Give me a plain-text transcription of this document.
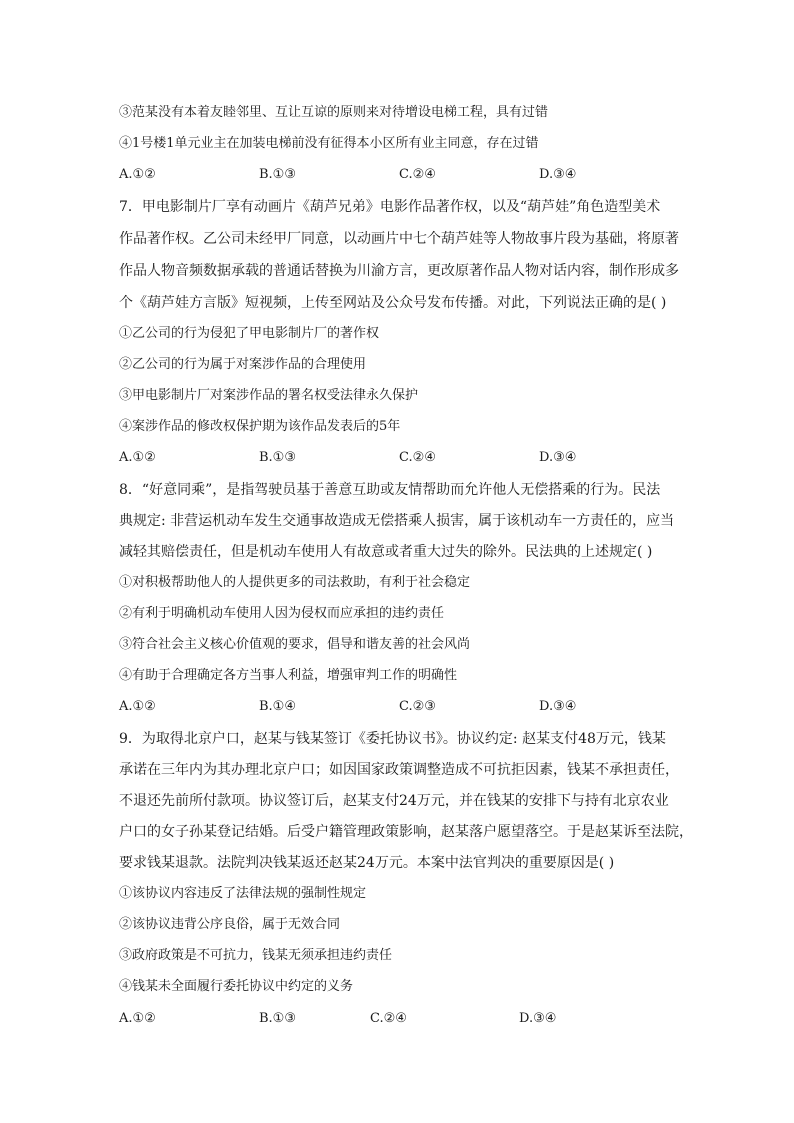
③范某没有本着友睦邻里、互让互谅的原则来对待增设电梯工程，具有过错
④1号楼1单元业主在加装电梯前没有征得本小区所有业主同意，存在过错
A.①②	B.①③	C.②④	D.③④
7．甲电影制片厂享有动画片《葫芦兄弟》电影作品著作权，以及“葫芦娃”角色造型美术
作品著作权。乙公司未经甲厂同意，以动画片中七个葫芦娃等人物故事片段为基础，将原著
作品人物音频数据承载的普通话替换为川渝方言，更改原著作品人物对话内容，制作形成多
个《葫芦娃方言版》短视频，上传至网站及公众号发布传播。对此，下列说法正确的是( )
①乙公司的行为侵犯了甲电影制片厂的著作权
②乙公司的行为属于对案涉作品的合理使用
③甲电影制片厂对案涉作品的署名权受法律永久保护
④案涉作品的修改权保护期为该作品发表后的5年
A.①②	B.①③	C.②④	D.③④
8．“好意同乘”，是指驾驶员基于善意互助或友情帮助而允许他人无偿搭乘的行为。民法
典规定: 非营运机动车发生交通事故造成无偿搭乘人损害，属于该机动车一方责任的，应当
减轻其赔偿责任，但是机动车使用人有故意或者重大过失的除外。民法典的上述规定( )
①对积极帮助他人的人提供更多的司法救助，有利于社会稳定
②有利于明确机动车使用人因为侵权而应承担的违约责任
③符合社会主义核心价值观的要求，倡导和谐友善的社会风尚
④有助于合理确定各方当事人利益，增强审判工作的明确性
A.①②	B.①④	C.②③	D.③④
9．为取得北京户口，赵某与钱某签订《委托协议书》。协议约定: 赵某支付48万元，钱某
承诺在三年内为其办理北京户口；如因国家政策调整造成不可抗拒因素，钱某不承担责任，
不退还先前所付款项。协议签订后，赵某支付24万元，并在钱某的安排下与持有北京农业
户口的女子孙某登记结婚。后受户籍管理政策影响，赵某落户愿望落空。于是赵某诉至法院，
要求钱某退款。法院判决钱某返还赵某24万元。本案中法官判决的重要原因是( )
①该协议内容违反了法律法规的强制性规定
②该协议违背公序良俗，属于无效合同
③政府政策是不可抗力，钱某无须承担违约责任
④钱某未全面履行委托协议中约定的义务
A.①②	B.①③	C.②④	D.③④
